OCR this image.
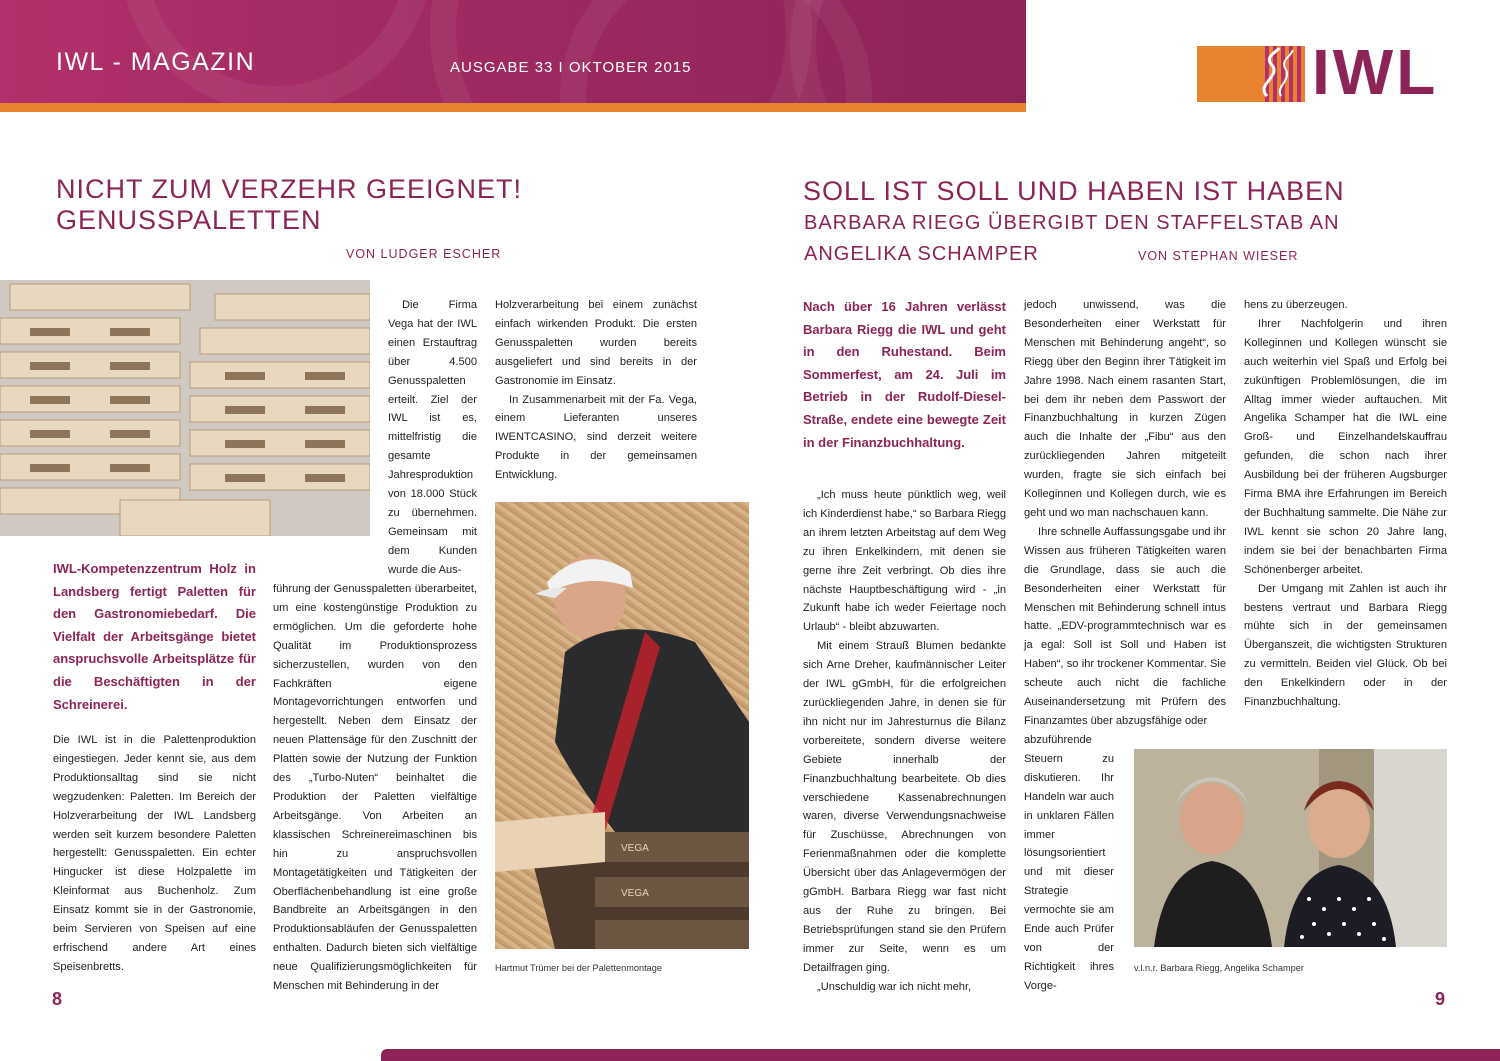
IWL - MAGAZIN	AUSGABE 33 I OKTOBER 2015	IWL
NICHT ZUM VERZEHR GEEIGNET!
GENUSSPALETTEN
VON LUDGER ESCHER
IWL-Kompetenzzentrum Holz in Landsberg fertigt Paletten für den Gastronomiebedarf. Die Vielfalt der Arbeitsgänge bietet anspruchsvolle Arbeitsplätze für die Beschäftigten in der Schreinerei.

Die IWL ist in die Palettenproduktion eingestiegen. Jeder kennt sie, aus dem Produktionsalltag sind sie nicht wegzudenken: Paletten. Im Bereich der Holzverarbeitung der IWL Landsberg werden seit kurzem besondere Paletten hergestellt: Genusspaletten. Ein echter Hingucker ist diese Holzpalette im Kleinformat aus Buchenholz. Zum Einsatz kommt sie in der Gastronomie, beim Servieren von Speisen auf eine erfrischend andere Art eines Speisenbretts.

Die Firma Vega hat der IWL einen Erstauftrag über 4.500 Genusspaletten erteilt. Ziel der IWL ist es, mittelfristig die gesamte Jahresproduktion von 18.000 Stück zu übernehmen. Gemeinsam mit dem Kunden wurde die Aus-

führung der Genusspaletten überarbeitet, um eine kostengünstige Produktion zu ermöglichen. Um die geforderte hohe Qualität im Produktionsprozess sicherzustellen, wurden von den Fachkräften eigene Montagevorrichtungen entworfen und hergestellt. Neben dem Einsatz der neuen Plattensäge für den Zuschnitt der Platten sowie der Nutzung der Funktion des „Turbo-Nuten“ beinhaltet die Produktion der Paletten vielfältige Arbeitsgänge. Von Arbeiten an klassischen Schreinereimaschinen bis hin zu anspruchsvollen Montagetätigkeiten und Tätigkeiten der Oberflächenbehandlung ist eine große Bandbreite an Arbeitsgängen in den Produktionsabläufen der Genusspaletten enthalten. Dadurch bieten sich vielfältige neue Qualifizierungsmöglichkeiten für Menschen mit Behinderung in der

Holzverarbeitung bei einem zunächst einfach wirkenden Produkt. Die ersten Genusspaletten wurden bereits ausgeliefert und sind bereits in der Gastronomie im Einsatz.

In Zusammenarbeit mit der Fa. Vega, einem Lieferanten unseres IWENTCASINO, sind derzeit weitere Produkte in der gemeinsamen Entwicklung.

VEGA
VEGA
Hartmut Trümer bei der Palettenmontage
8
SOLL IST SOLL UND HABEN IST HABEN
BARBARA RIEGG ÜBERGIBT DEN STAFFELSTAB AN
ANGELIKA SCHAMPER	VON STEPHAN WIESER
Nach über 16 Jahren verlässt Barbara Riegg die IWL und geht in den Ruhestand. Beim Sommerfest, am 24. Juli im Betrieb in der Rudolf-Diesel-Straße, endete eine bewegte Zeit in der Finanzbuchhaltung.

„Ich muss heute pünktlich weg, weil ich Kinderdienst habe,“ so Barbara Riegg an ihrem letzten Arbeitstag auf dem Weg zu ihren Enkelkindern, mit denen sie gerne ihre Zeit verbringt. Ob dies ihre nächste Hauptbeschäftigung wird - „in Zukunft habe ich weder Feiertage noch Urlaub“ - bleibt abzuwarten.

Mit einem Strauß Blumen bedankte sich Arne Dreher, kaufmännischer Leiter der IWL gGmbH, für die erfolgreichen zurückliegenden Jahre, in denen sie für ihn nicht nur im Jahresturnus die Bilanz vorbereitete, sondern diverse weitere Gebiete innerhalb der Finanzbuchhaltung bearbeitete. Ob dies verschiedene Kassenabrechnungen waren, diverse Verwendungsnachweise für Zuschüsse, Abrechnungen von Ferienmaßnahmen oder die komplette Übersicht über das Anlagevermögen der gGmbH. Barbara Riegg war fast nicht aus der Ruhe zu bringen. Bei Betriebsprüfungen stand sie den Prüfern immer zur Seite, wenn es um Detailfragen ging.

„Unschuldig war ich nicht mehr,

jedoch unwissend, was die Besonderheiten einer Werkstatt für Menschen mit Behinderung angeht“, so Riegg über den Beginn ihrer Tätigkeit im Jahre 1998. Nach einem rasanten Start, bei dem ihr neben dem Passwort der Finanzbuchhaltung in kurzen Zügen auch die Inhalte der „Fibu“ aus den zurückliegenden Jahren mitgeteilt wurden, fragte sie sich einfach bei Kolleginnen und Kollegen durch, wie es geht und wo man nachschauen kann.

Ihre schnelle Auffassungsgabe und ihr Wissen aus früheren Tätigkeiten waren die Grundlage, dass sie auch die Besonderheiten einer Werkstatt für Menschen mit Behinderung schnell intus hatte. „EDV-programmtechnisch war es ja egal: Soll ist Soll und Haben ist Haben“, so ihr trockener Kommentar. Sie scheute auch nicht die fachliche Auseinandersetzung mit Prüfern des Finanzamtes über abzugsfähige oder

abzuführende Steuern zu diskutieren. Ihr Handeln war auch in unklaren Fällen immer lösungsorientiert und mit dieser Strategie vermochte sie am Ende auch Prüfer von der Richtigkeit ihres Vorge-

hens zu überzeugen.

Ihrer Nachfolgerin und ihren Kolleginnen und Kollegen wünscht sie auch weiterhin viel Spaß und Erfolg bei zukünftigen Problemlösungen, die im Alltag immer wieder auftauchen. Mit Angelika Schamper hat die IWL eine Groß- und Einzelhandelskauffrau gefunden, die schon nach ihrer Ausbildung bei der früheren Augsburger Firma BMA ihre Erfahrungen im Bereich der Buchhaltung sammelte. Die Nähe zur IWL kennt sie schon 20 Jahre lang, indem sie bei der benachbarten Firma Schönenberger arbeitet.

Der Umgang mit Zahlen ist auch ihr bestens vertraut und Barbara Riegg mühte sich in der gemeinsamen Überganszeit, die wichtigsten Strukturen zu vermitteln. Beiden viel Glück. Ob bei den Enkelkindern oder in der Finanzbuchhaltung.

v.l.n.r. Barbara Riegg, Angelika Schamper
9
